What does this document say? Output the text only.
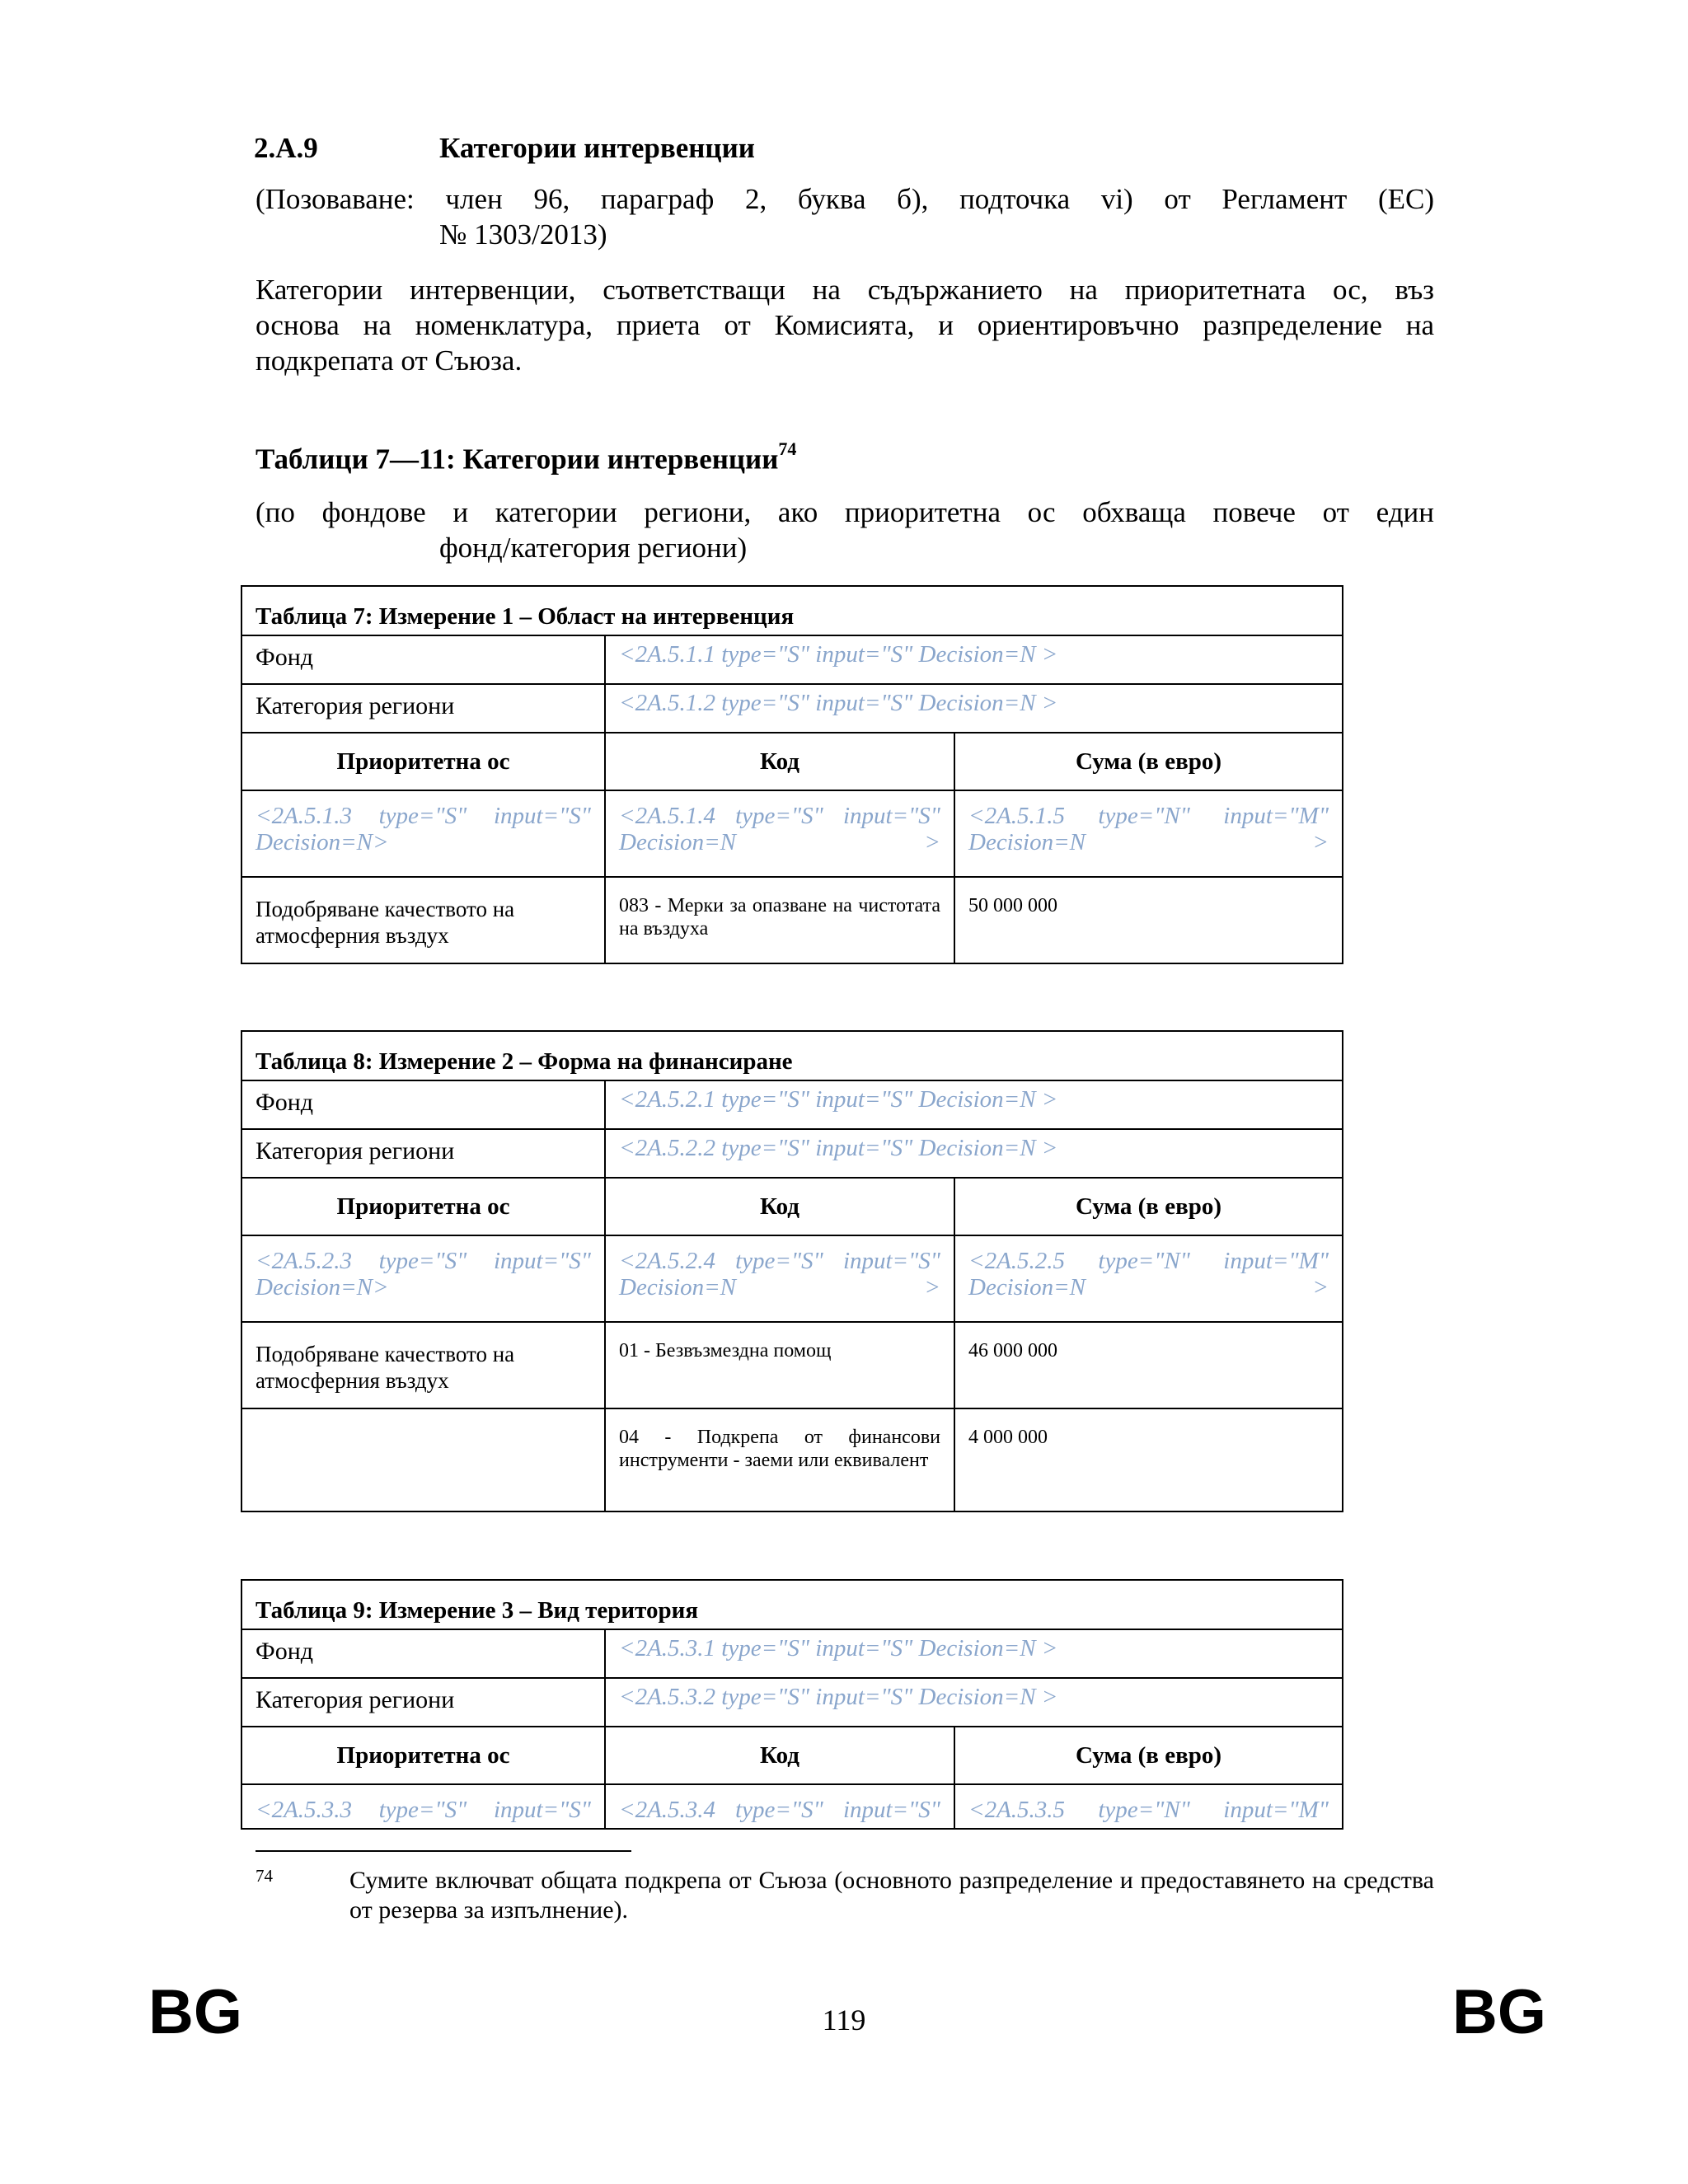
2.A.9	Категории интервенции
(Позоваване: член 96, параграф 2, буква б), подточка vi) от Регламент (ЕС)
№ 1303/2013)
Категории интервенции, съответстващи на съдържанието на приоритетната ос, въз
основа на номенклатура, приета от Комисията, и ориентировъчно разпределение на
подкрепата от Съюза.
Таблици 7—11: Категории интервенции$^{74}$
(по фондове и категории региони, ако приоритетна ос обхваща повече от един
фонд/категория региони)
Таблица 7: Измерение 1 – Област на интервенция		
Фонд	<2A.5.1.1 type="S" input="S" Decision=N >	
Категория региони	<2A.5.1.2 type="S" input="S" Decision=N >	
Приоритетна ос	Код	Сума (в евро)
<2A.5.1.3 type="S" input="S" Decision=N>	<2A.5.1.4 type="S" input="S" Decision=N >	<2A.5.1.5 type="N" input="M" Decision=N >
Подобряване качеството на атмосферния въздух	083 - Мерки за опазване на чистотата на въздуха	50 000 000
Таблица 8: Измерение 2 – Форма на финансиране		
Фонд	<2A.5.2.1 type="S" input="S" Decision=N >	
Категория региони	<2A.5.2.2 type="S" input="S" Decision=N >	
Приоритетна ос	Код	Сума (в евро)
<2A.5.2.3 type="S" input="S" Decision=N>	<2A.5.2.4 type="S" input="S" Decision=N >	<2A.5.2.5 type="N" input="M" Decision=N >
Подобряване качеството на атмосферния въздух	01 - Безвъзмездна помощ	46 000 000
	04 - Подкрепа от финансови инструменти - заеми или еквивалент	4 000 000
Таблица 9: Измерение 3 – Вид територия		
Фонд	<2A.5.3.1 type="S" input="S" Decision=N >	
Категория региони	<2A.5.3.2 type="S" input="S" Decision=N >	
Приоритетна ос	Код	Сума (в евро)
<2A.5.3.3 type="S" input="S"	<2A.5.3.4 type="S" input="S"	<2A.5.3.5 type="N" input="M"
74	Сумите включват общата подкрепа от Съюза (основното разпределение и предоставянето на средства от резерва за изпълнение).
BG	119	BG
